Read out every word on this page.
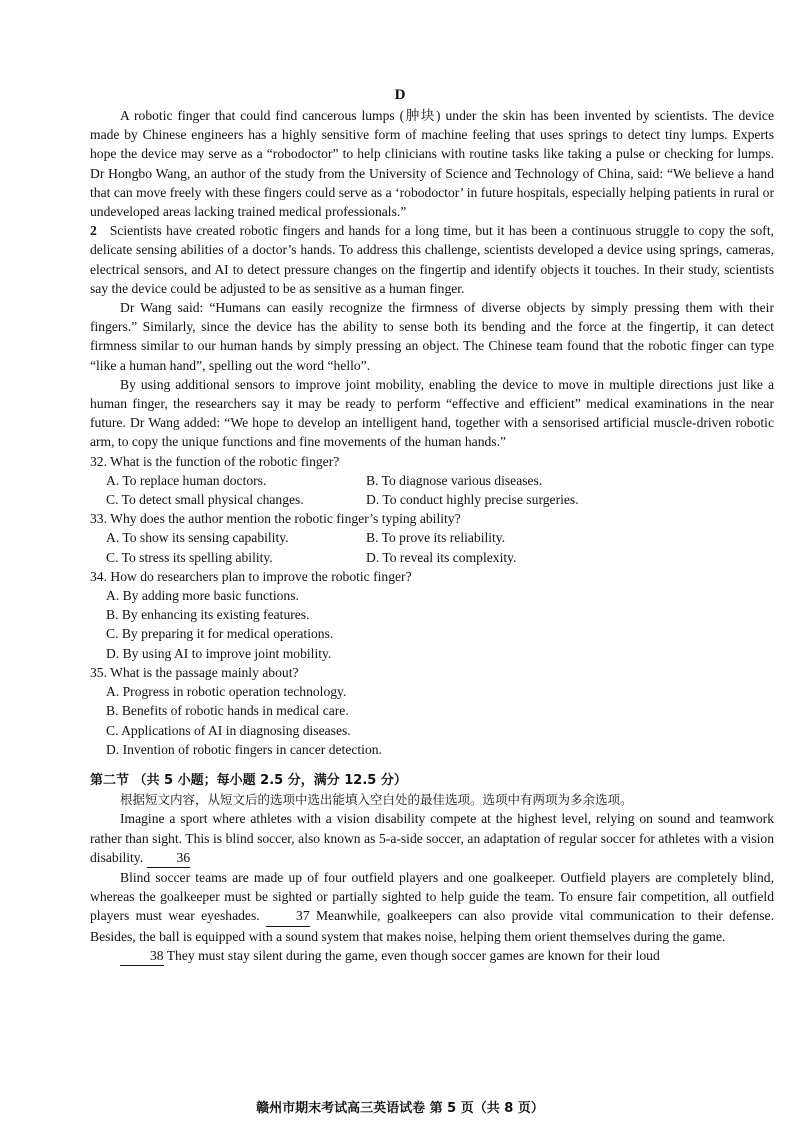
D

A robotic finger that could find cancerous lumps (肿块) under the skin has been invented by scientists. The device made by Chinese engineers has a highly sensitive form of machine feeling that uses springs to detect tiny lumps. Experts hope the device may serve as a “robodoctor” to help clinicians with routine tasks like taking a pulse or checking for lumps. Dr Hongbo Wang, an author of the study from the University of Science and Technology of China, said: “We believe a hand that can move freely with these fingers could serve as a ‘robodoctor’ in future hospitals, especially helping patients in rural or undeveloped areas lacking trained medical professionals.”

2 Scientists have created robotic fingers and hands for a long time, but it has been a continuous struggle to copy the soft, delicate sensing abilities of a doctor’s hands. To address this challenge, scientists developed a device using springs, cameras, electrical sensors, and AI to detect pressure changes on the fingertip and identify objects it touches. In their study, scientists say the device could be adjusted to be as sensitive as a human finger.

Dr Wang said: “Humans can easily recognize the firmness of diverse objects by simply pressing them with their fingers.” Similarly, since the device has the ability to sense both its bending and the force at the fingertip, it can detect firmness similar to our human hands by simply pressing an object. The Chinese team found that the robotic finger can type “like a human hand”, spelling out the word “hello”.

By using additional sensors to improve joint mobility, enabling the device to move in multiple directions just like a human finger, the researchers say it may be ready to perform “effective and efficient” medical examinations in the near future. Dr Wang added: “We hope to develop an intelligent hand, together with a sensorised artificial muscle-driven robotic arm, to copy the unique functions and fine movements of the human hands.”

32. What is the function of the robotic finger?
A. To replace human doctors.	B. To diagnose various diseases.
C. To detect small physical changes.	D. To conduct highly precise surgeries.
33. Why does the author mention the robotic finger’s typing ability?
A. To show its sensing capability.	B. To prove its reliability.
C. To stress its spelling ability.	D. To reveal its complexity.
34. How do researchers plan to improve the robotic finger?
A. By adding more basic functions.
B. By enhancing its existing features.
C. By preparing it for medical operations.
D. By using AI to improve joint mobility.
35. What is the passage mainly about?
A. Progress in robotic operation technology.
B. Benefits of robotic hands in medical care.
C. Applications of AI in diagnosing diseases.
D. Invention of robotic fingers in cancer detection.
第二节 （共 5 小题；每小题 2.5 分，满分 12.5 分）

根据短文内容，从短文后的选项中选出能填入空白处的最佳选项。选项中有两项为多余选项。

Imagine a sport where athletes with a vision disability compete at the highest level, relying on sound and teamwork rather than sight. This is blind soccer, also known as 5-a-side soccer, an adaptation of regular soccer for athletes with a vision disability. 36

Blind soccer teams are made up of four outfield players and one goalkeeper. Outfield players are completely blind, whereas the goalkeeper must be sighted or partially sighted to help guide the team. To ensure fair competition, all outfield players must wear eyeshades.	37 Meanwhile, goalkeepers can also provide vital communication to their defense. Besides, the ball is equipped with a sound system that makes noise, helping them orient themselves during the game.

38 They must stay silent during the game, even though soccer games are known for their loud

赣州市期末考试高三英语试卷 第 5 页（共 8 页）
